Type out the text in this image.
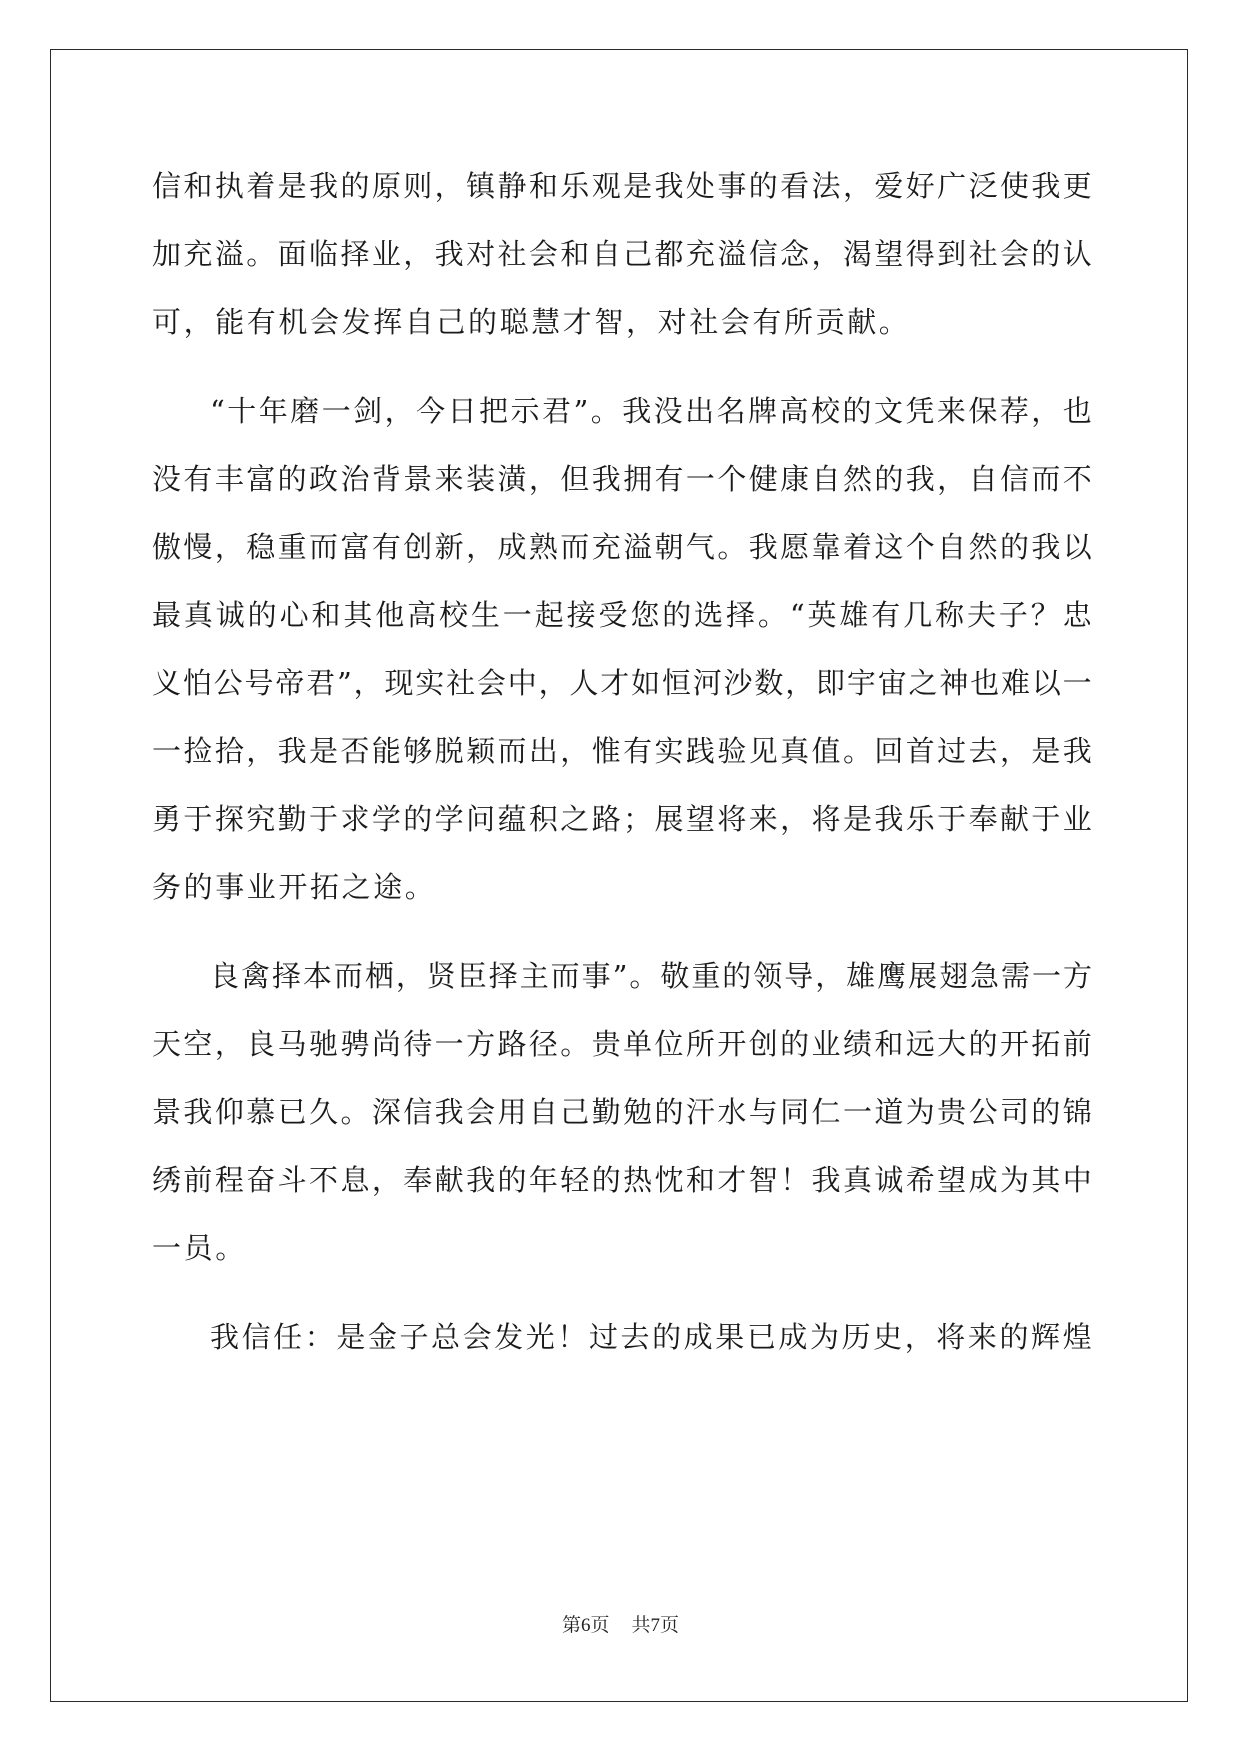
信 和 执 着 是 我 的 原 则 ， 镇 静 和 乐 观 是 我 处 事 的 看 法 ， 爱 好 广 泛 使 我 更
加 充 溢 。 面 临 择 业 ， 我 对 社 会 和 自 己 都 充 溢 信 念 ， 渴 望 得 到 社 会 的 认
可，能有机会发挥自己的聪慧才智，对社会有所贡献。
“ 十 年 磨 一 剑 ， 今 日 把 示 君 ” 。 我 没 出 名 牌 高 校 的 文 凭 来 保 荐 ， 也
没 有 丰 富 的 政 治 背 景 来 装 潢 ， 但 我 拥 有 一 个 健 康 自 然 的 我 ， 自 信 而 不
傲 慢 ， 稳 重 而 富 有 创 新 ， 成 熟 而 充 溢 朝 气 。 我 愿 靠 着 这 个 自 然 的 我 以
最 真 诚 的 心 和 其 他 高 校 生 一 起 接 受 您 的 选 择 。 “ 英 雄 有 几 称 夫 子 ？ 忠
义 怕 公 号 帝 君 ” ， 现 实 社 会 中 ， 人 才 如 恒 河 沙 数 ， 即 宇 宙 之 神 也 难 以 一
一 捡 拾 ， 我 是 否 能 够 脱 颖 而 出 ， 惟 有 实 践 验 见 真 值 。 回 首 过 去 ， 是 我
勇 于 探 究 勤 于 求 学 的 学 问 蕴 积 之 路 ； 展 望 将 来 ， 将 是 我 乐 于 奉 献 于 业
务的事业开拓之途。
良 禽 择 本 而 栖 ， 贤 臣 择 主 而 事 ” 。 敬 重 的 领 导 ， 雄 鹰 展 翅 急 需 一 方
天 空 ， 良 马 驰 骋 尚 待 一 方 路 径 。 贵 单 位 所 开 创 的 业 绩 和 远 大 的 开 拓 前
景 我 仰 慕 已 久 。 深 信 我 会 用 自 己 勤 勉 的 汗 水 与 同 仁 一 道 为 贵 公 司 的 锦
绣 前 程 奋 斗 不 息 ， 奉 献 我 的 年 轻 的 热 忱 和 才 智 ！ 我 真 诚 希 望 成 为 其 中
一员。
我 信 任 ： 是 金 子 总 会 发 光 ！ 过 去 的 成 果 已 成 为 历 史 ， 将 来 的 辉 煌
第6页 共7页
